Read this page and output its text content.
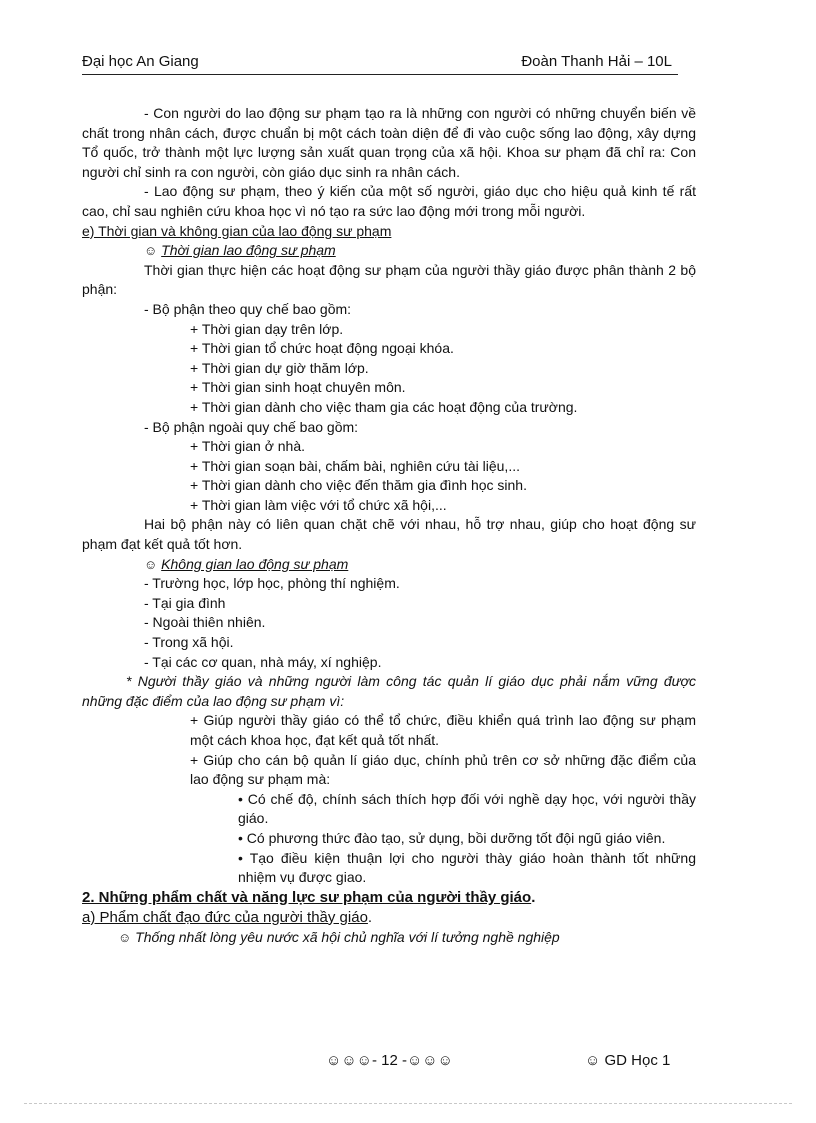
Đại học An Giang	Đoàn Thanh Hải – 10L

- Con người do lao động sư phạm tạo ra là những con người có những chuyển biến về chất trong nhân cách, được chuẩn bị một cách toàn diện để đi vào cuộc sống lao động, xây dựng Tổ quốc, trở thành một lực lượng sản xuất quan trọng của xã hội. Khoa sư phạm đã chỉ ra: Con người chỉ sinh ra con người, còn giáo dục sinh ra nhân cách.

- Lao động sư phạm, theo ý kiến của một số người, giáo dục cho hiệu quả kinh tế rất cao, chỉ sau nghiên cứu khoa học vì nó tạo ra sức lao động mới trong mỗi người.

e) Thời gian và không gian của lao động sư phạm

☺ Thời gian lao động sư phạm

Thời gian thực hiện các hoạt động sư phạm của người thầy giáo được phân thành 2 bộ phận:

- Bộ phận theo quy chế bao gồm:

+ Thời gian dạy trên lớp.

+ Thời gian tổ chức hoạt động ngoại khóa.

+ Thời gian dự giờ thăm lớp.

+ Thời gian sinh hoạt chuyên môn.

+ Thời gian dành cho việc tham gia các hoạt động của trường.

- Bộ phận ngoài quy chế bao gồm:

+ Thời gian ở nhà.

+ Thời gian soạn bài, chấm bài, nghiên cứu tài liệu,...

+ Thời gian dành cho việc đến thăm gia đình học sinh.

+ Thời gian làm việc với tổ chức xã hội,...

Hai bộ phận này có liên quan chặt chẽ với nhau, hỗ trợ nhau, giúp cho hoạt động sư phạm đạt kết quả tốt hơn.

☺ Không gian lao động sư phạm

- Trường học, lớp học, phòng thí nghiệm.

- Tại gia đình

- Ngoài thiên nhiên.

- Trong xã hội.

- Tại các cơ quan, nhà máy, xí nghiệp.

* Người thầy giáo và những người làm công tác quản lí giáo dục phải nắm vững được những đặc điểm của lao động sư phạm vì:

+ Giúp người thầy giáo có thể tổ chức, điều khiển quá trình lao động sư phạm một cách khoa học, đạt kết quả tốt nhất.

+ Giúp cho cán bộ quản lí giáo dục, chính phủ trên cơ sở những đặc điểm của lao động sư phạm mà:

• Có chế độ, chính sách thích hợp đối với nghề dạy học, với người thầy giáo.

• Có phương thức đào tạo, sử dụng, bồi dưỡng tốt đội ngũ giáo viên.

• Tạo điều kiện thuận lợi cho người thày giáo hoàn thành tốt những nhiệm vụ được giao.

2. Những phẩm chất và năng lực sư phạm của người thầy giáo.

a) Phẩm chất đạo đức của người thầy giáo.

☺ Thống nhất lòng yêu nước xã hội chủ nghĩa với lí tưởng nghề nghiệp

☺☺☺- 12 -☺☺☺	☺ GD Học 1
